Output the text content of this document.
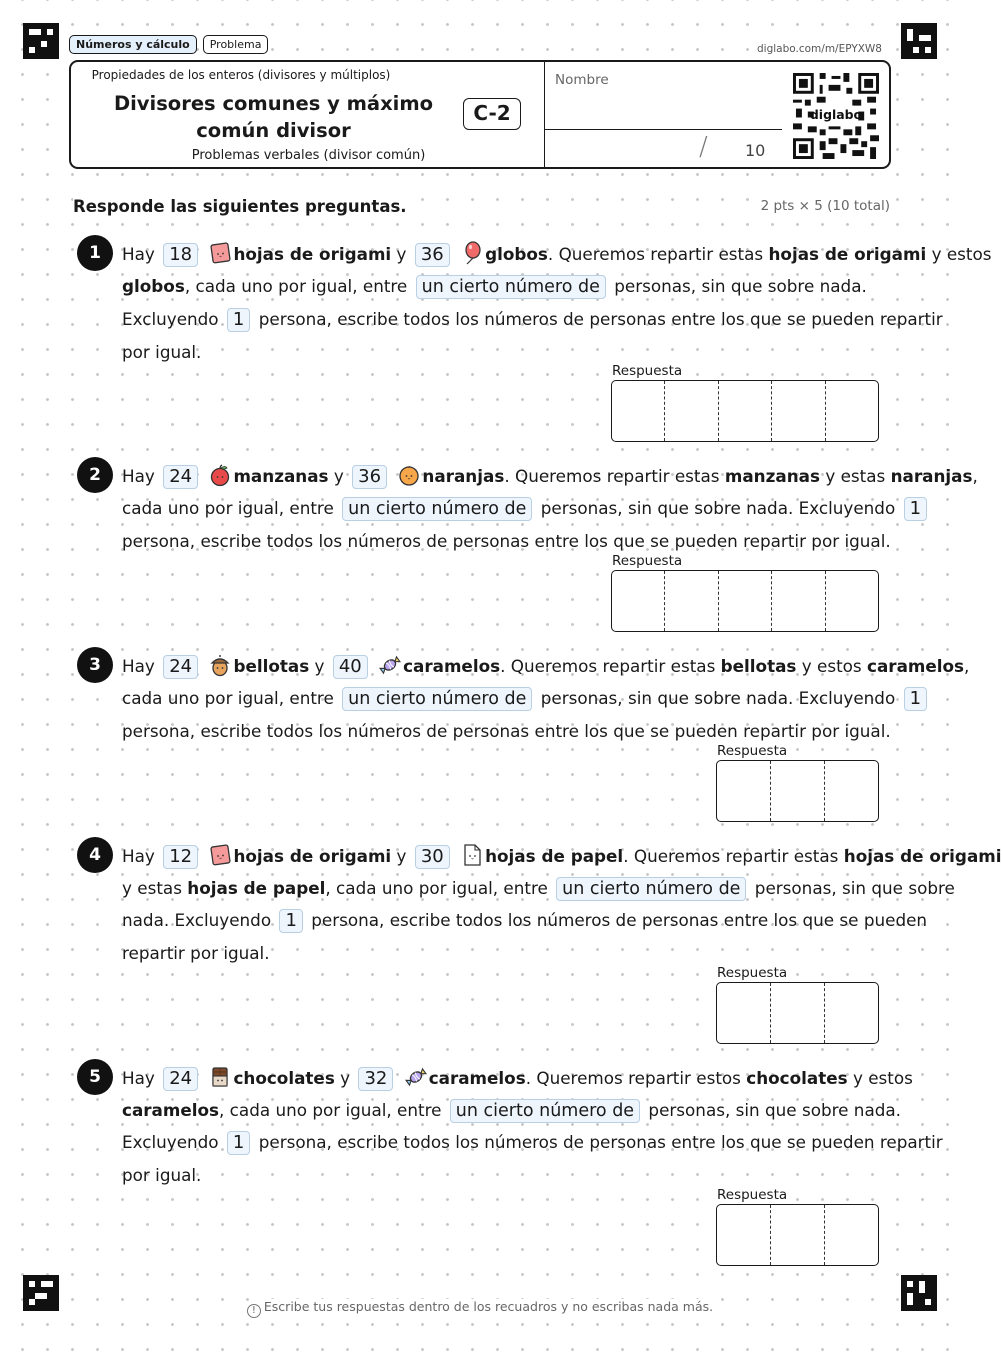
Números y cálculo	Problema	diglabo.com/m/EPYXW8
Propiedades de los enteros (divisores y múltiplos)
Divisores comunes y máximo
común divisor
Problemas verbales (divisor común)
C-2
Nombre
/ 10
diglabo
Responde las siguientes preguntas.	2 pts × 5 (10 total)
1	Hay 18 hojas de origami y 36 globos. Queremos repartir estas hojas de origami y estos
globos, cada uno por igual, entre un cierto número de personas, sin que sobre nada.
Excluyendo 1 persona, escribe todos los números de personas entre los que se pueden repartir
por igual.
Respuesta
2	Hay 24 manzanas y 36 naranjas. Queremos repartir estas manzanas y estas naranjas,
cada uno por igual, entre un cierto número de personas, sin que sobre nada. Excluyendo 1
persona, escribe todos los números de personas entre los que se pueden repartir por igual.
Respuesta
3	Hay 24 bellotas y 40 caramelos. Queremos repartir estas bellotas y estos caramelos,
cada uno por igual, entre un cierto número de personas, sin que sobre nada. Excluyendo 1
persona, escribe todos los números de personas entre los que se pueden repartir por igual.
Respuesta
4	Hay 12 hojas de origami y 30 hojas de papel. Queremos repartir estas hojas de origami
y estas hojas de papel, cada uno por igual, entre un cierto número de personas, sin que sobre
nada. Excluyendo 1 persona, escribe todos los números de personas entre los que se pueden
repartir por igual.
Respuesta
5	Hay 24 chocolates y 32 caramelos. Queremos repartir estos chocolates y estos
caramelos, cada uno por igual, entre un cierto número de personas, sin que sobre nada.
Excluyendo 1 persona, escribe todos los números de personas entre los que se pueden repartir
por igual.
Respuesta
! Escribe tus respuestas dentro de los recuadros y no escribas nada más.
